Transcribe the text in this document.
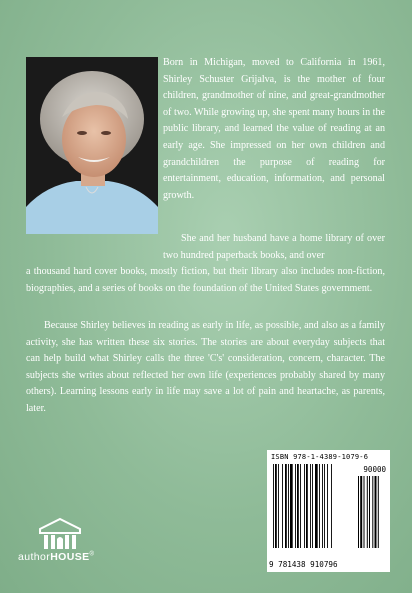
Born in Michigan, moved to California in 1961, Shirley Schuster Grijalva, is the mother of four children, grandmother of nine, and great-grandmother of two. While growing up, she spent many hours in the public library, and learned the value of reading at an early age. She impressed on her own children and grandchildren the purpose of reading for entertainment, education, information, and personal growth.

She and her husband have a home library of over two hundred paperback books, and over

a thousand hard cover books, mostly fiction, but their library also includes non-fiction, biographies, and a series of books on the foundation of the United States government.

Because Shirley believes in reading as early in life, as possible, and also as a family activity, she has written these six stories. The stories are about everyday subjects that can help build what Shirley calls the three 'C's' consideration, concern, character. The subjects she writes about reflected her own life (experiences probably shared by many others). Learning lessons early in life may save a lot of pain and heartache, as parents, later.

ISBN 978-1-4389-1079-6
90000
9 781438 910796
authorHOUSE®
